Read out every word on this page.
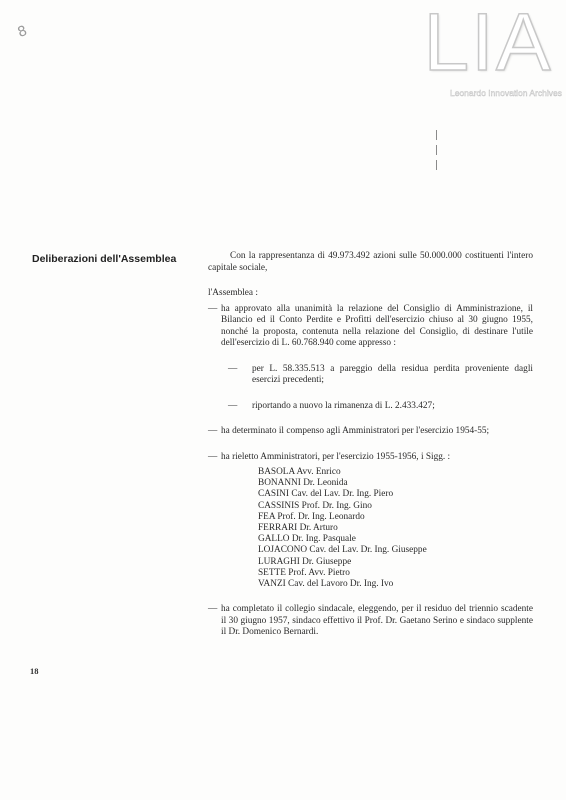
8	LIA
Leonardo Innovation Archives
Deliberazioni dell'Assemblea	Con la rappresentanza di 49.973.492 azioni sulle 50.000.000 costituenti l'intero capitale sociale,

l'Assemblea :

— ha approvato alla unanimità la relazione del Consiglio di Amministrazione, il Bilancio ed il Conto Perdite e Profitti dell'esercizio chiuso al 30 giugno 1955, nonché la proposta, contenuta nella relazione del Consiglio, di destinare l'utile dell'esercizio di L. 60.768.940 come appresso :
— per L. 58.335.513 a pareggio della residua perdita proveniente dagli esercizi precedenti;
— riportando a nuovo la rimanenza di L. 2.433.427;
— ha determinato il compenso agli Amministratori per l'esercizio 1954-55;
— ha rieletto Amministratori, per l'esercizio 1955-1956, i Sigg. :
BASOLA Avv. Enrico
BONANNI Dr. Leonida
CASINI Cav. del Lav. Dr. Ing. Piero
CASSINIS Prof. Dr. Ing. Gino
FEA Prof. Dr. Ing. Leonardo
FERRARI Dr. Arturo
GALLO Dr. Ing. Pasquale
LOJACONO Cav. del Lav. Dr. Ing. Giuseppe
LURAGHI Dr. Giuseppe
SETTE Prof. Avv. Pietro
VANZI Cav. del Lavoro Dr. Ing. Ivo
— ha completato il collegio sindacale, eleggendo, per il residuo del triennio scadente il 30 giugno 1957, sindaco effettivo il Prof. Dr. Gaetano Serino e sindaco supplente il Dr. Domenico Bernardi.
18
